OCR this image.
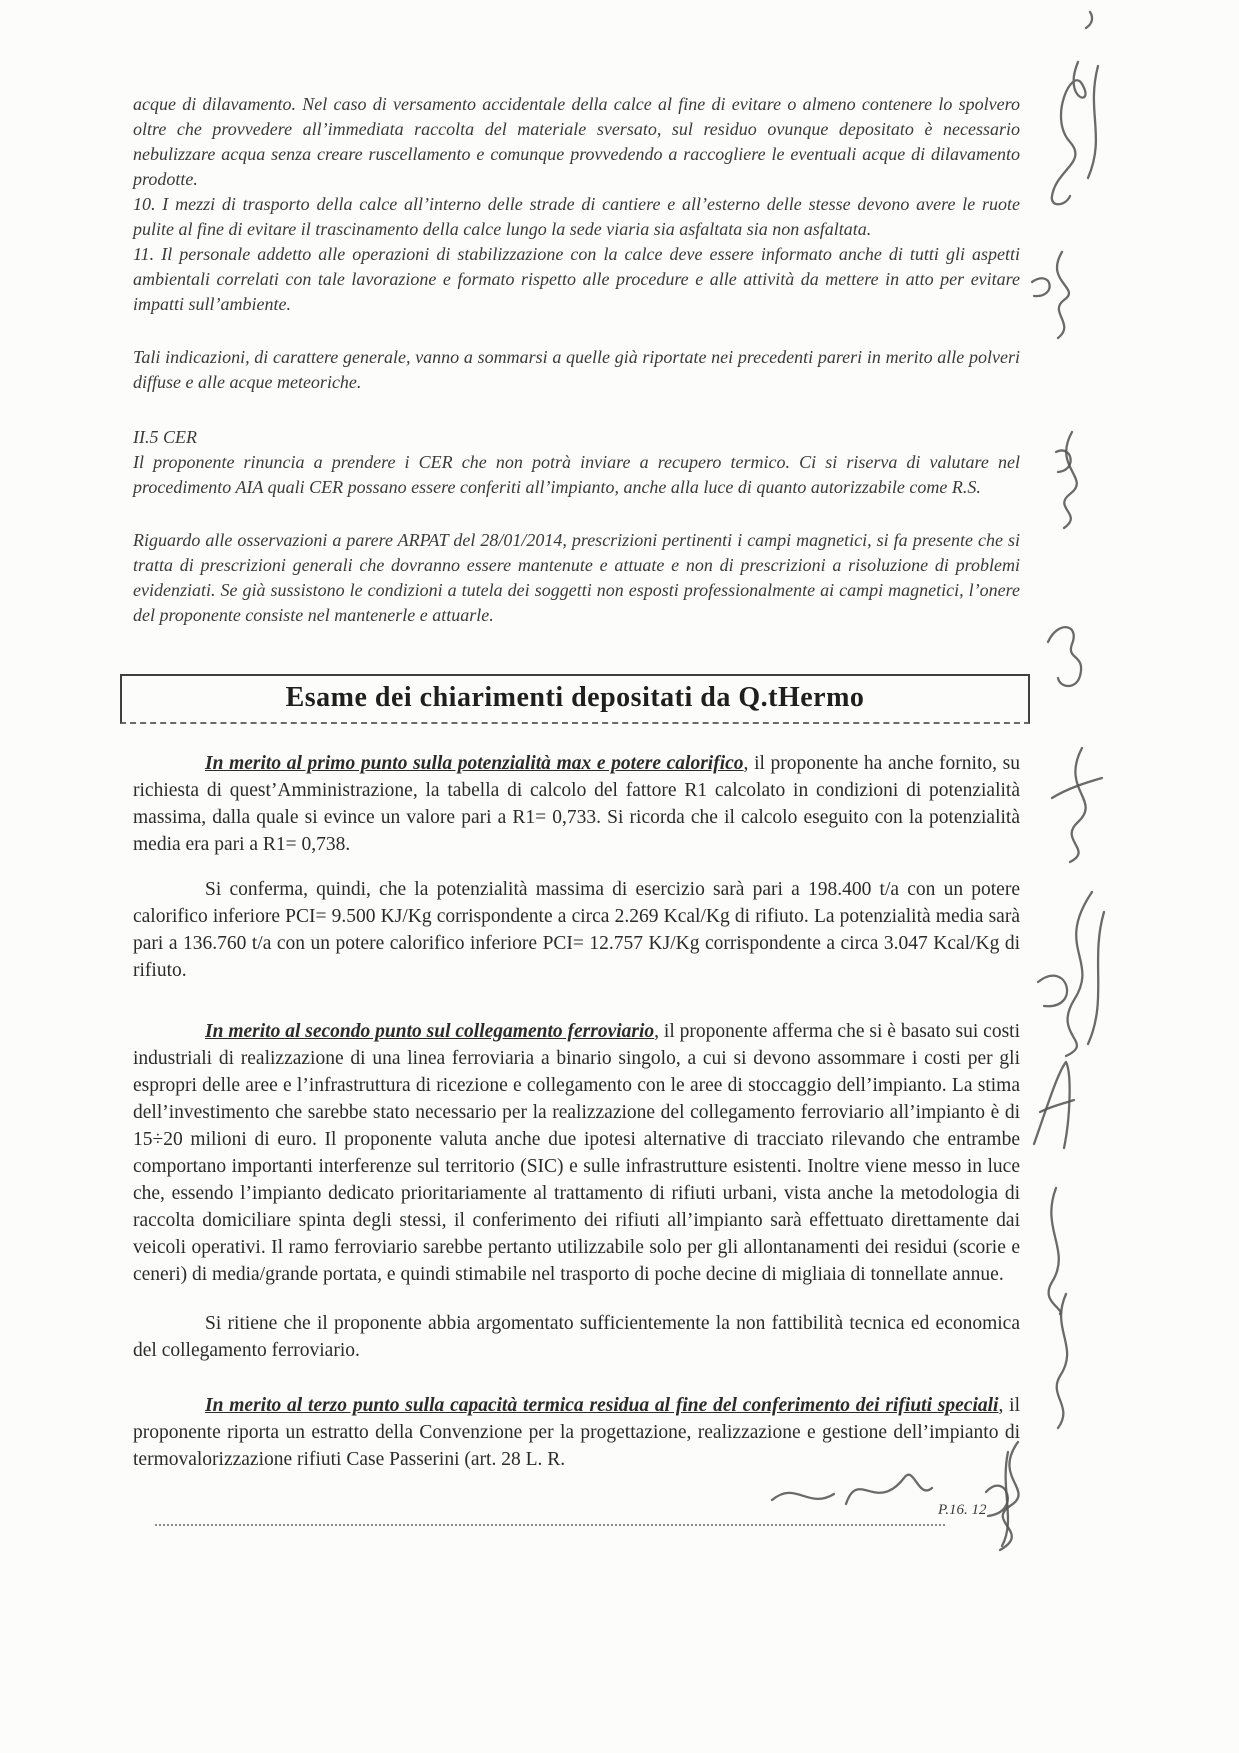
acque di dilavamento. Nel caso di versamento accidentale della calce al fine di evitare o almeno contenere lo spolvero oltre che provvedere all’immediata raccolta del materiale sversato, sul residuo ovunque depositato è necessario nebulizzare acqua senza creare ruscellamento e comunque provvedendo a raccogliere le eventuali acque di dilavamento prodotte.

10. I mezzi di trasporto della calce all’interno delle strade di cantiere e all’esterno delle stesse devono avere le ruote pulite al fine di evitare il trascinamento della calce lungo la sede viaria sia asfaltata sia non asfaltata.

11. Il personale addetto alle operazioni di stabilizzazione con la calce deve essere informato anche di tutti gli aspetti ambientali correlati con tale lavorazione e formato rispetto alle procedure e alle attività da mettere in atto per evitare impatti sull’ambiente.

Tali indicazioni, di carattere generale, vanno a sommarsi a quelle già riportate nei precedenti pareri in merito alle polveri diffuse e alle acque meteoriche.

II.5 CER

Il proponente rinuncia a prendere i CER che non potrà inviare a recupero termico. Ci si riserva di valutare nel procedimento AIA quali CER possano essere conferiti all’impianto, anche alla luce di quanto autorizzabile come R.S.

Riguardo alle osservazioni a parere ARPAT del 28/01/2014, prescrizioni pertinenti i campi magnetici, si fa presente che si tratta di prescrizioni generali che dovranno essere mantenute e attuate e non di prescrizioni a risoluzione di problemi evidenziati. Se già sussistono le condizioni a tutela dei soggetti non esposti professionalmente ai campi magnetici, l’onere del proponente consiste nel mantenerle e attuarle.

Esame dei chiarimenti depositati da Q.tHermo

In merito al primo punto sulla potenzialità max e potere calorifico, il proponente ha anche fornito, su richiesta di quest’Amministrazione, la tabella di calcolo del fattore R1 calcolato in condizioni di potenzialità massima, dalla quale si evince un valore pari a R1= 0,733. Si ricorda che il calcolo eseguito con la potenzialità media era pari a R1= 0,738.

Si conferma, quindi, che la potenzialità massima di esercizio sarà pari a 198.400 t/a con un potere calorifico inferiore PCI= 9.500 KJ/Kg corrispondente a circa 2.269 Kcal/Kg di rifiuto. La potenzialità media sarà pari a 136.760 t/a con un potere calorifico inferiore PCI= 12.757 KJ/Kg corrispondente a circa 3.047 Kcal/Kg di rifiuto.

In merito al secondo punto sul collegamento ferroviario, il proponente afferma che si è basato sui costi industriali di realizzazione di una linea ferroviaria a binario singolo, a cui si devono assommare i costi per gli espropri delle aree e l’infrastruttura di ricezione e collegamento con le aree di stoccaggio dell’impianto. La stima dell’investimento che sarebbe stato necessario per la realizzazione del collegamento ferroviario all’impianto è di 15÷20 milioni di euro. Il proponente valuta anche due ipotesi alternative di tracciato rilevando che entrambe comportano importanti interferenze sul territorio (SIC) e sulle infrastrutture esistenti. Inoltre viene messo in luce che, essendo l’impianto dedicato prioritariamente al trattamento di rifiuti urbani, vista anche la metodologia di raccolta domiciliare spinta degli stessi, il conferimento dei rifiuti all’impianto sarà effettuato direttamente dai veicoli operativi. Il ramo ferroviario sarebbe pertanto utilizzabile solo per gli allontanamenti dei residui (scorie e ceneri) di media/grande portata, e quindi stimabile nel trasporto di poche decine di migliaia di tonnellate annue.

Si ritiene che il proponente abbia argomentato sufficientemente la non fattibilità tecnica ed economica del collegamento ferroviario.

In merito al terzo punto sulla capacità termica residua al fine del conferimento dei rifiuti speciali, il proponente riporta un estratto della Convenzione per la progettazione, realizzazione e gestione dell’impianto di termovalorizzazione rifiuti Case Passerini (art. 28 L. R.

P.16. 12
